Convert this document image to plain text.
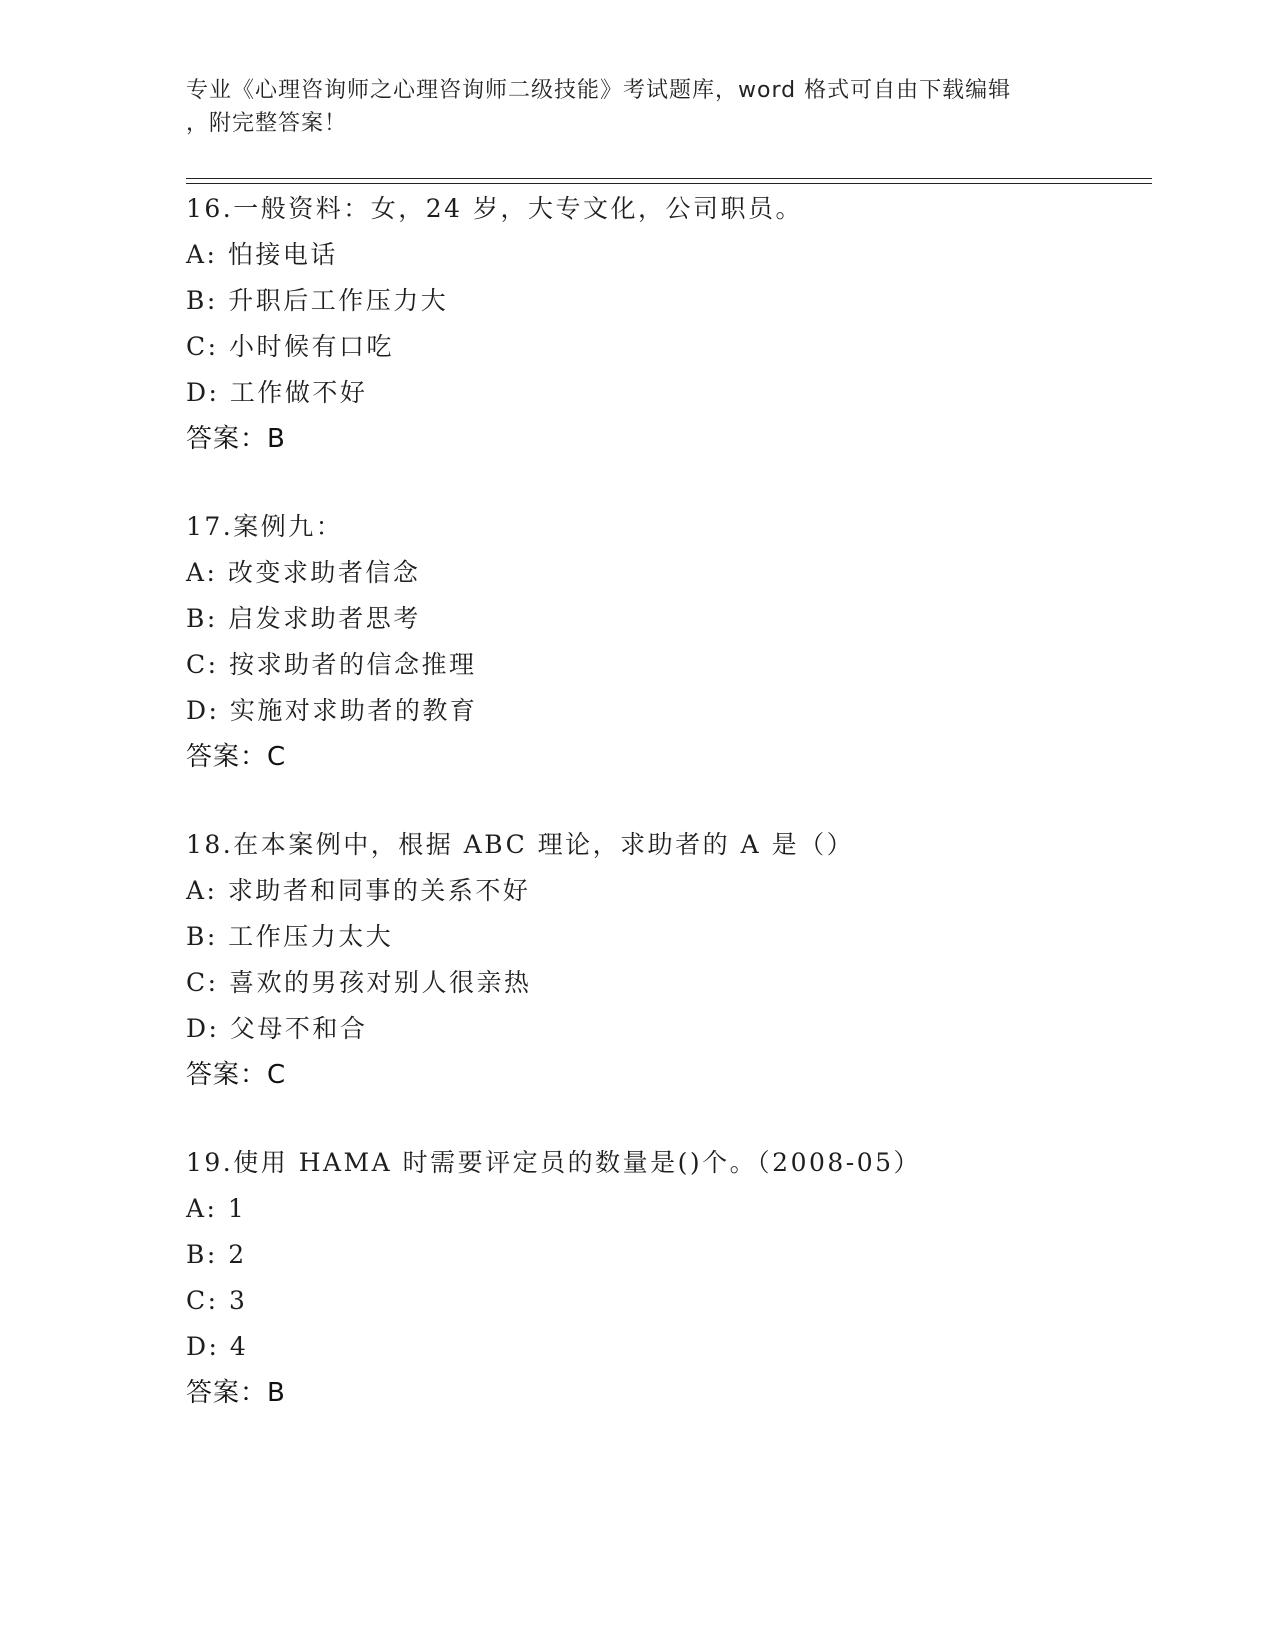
专业《心理咨询师之心理咨询师二级技能》考试题库，word 格式可自由下载编辑
，附完整答案！
16.一般资料：女，24 岁，大专文化，公司职员。
A: 怕接电话
B: 升职后工作压力大
C: 小时候有口吃
D: 工作做不好
答案：B
17.案例九：
A: 改变求助者信念
B: 启发求助者思考
C: 按求助者的信念推理
D: 实施对求助者的教育
答案：C
18.在本案例中，根据 ABC 理论，求助者的 A 是（）
A: 求助者和同事的关系不好
B: 工作压力太大
C: 喜欢的男孩对别人很亲热
D: 父母不和合
答案：C
19.使用 HAMA 时需要评定员的数量是()个。（2008-05）
A: 1
B: 2
C: 3
D: 4
答案：B
